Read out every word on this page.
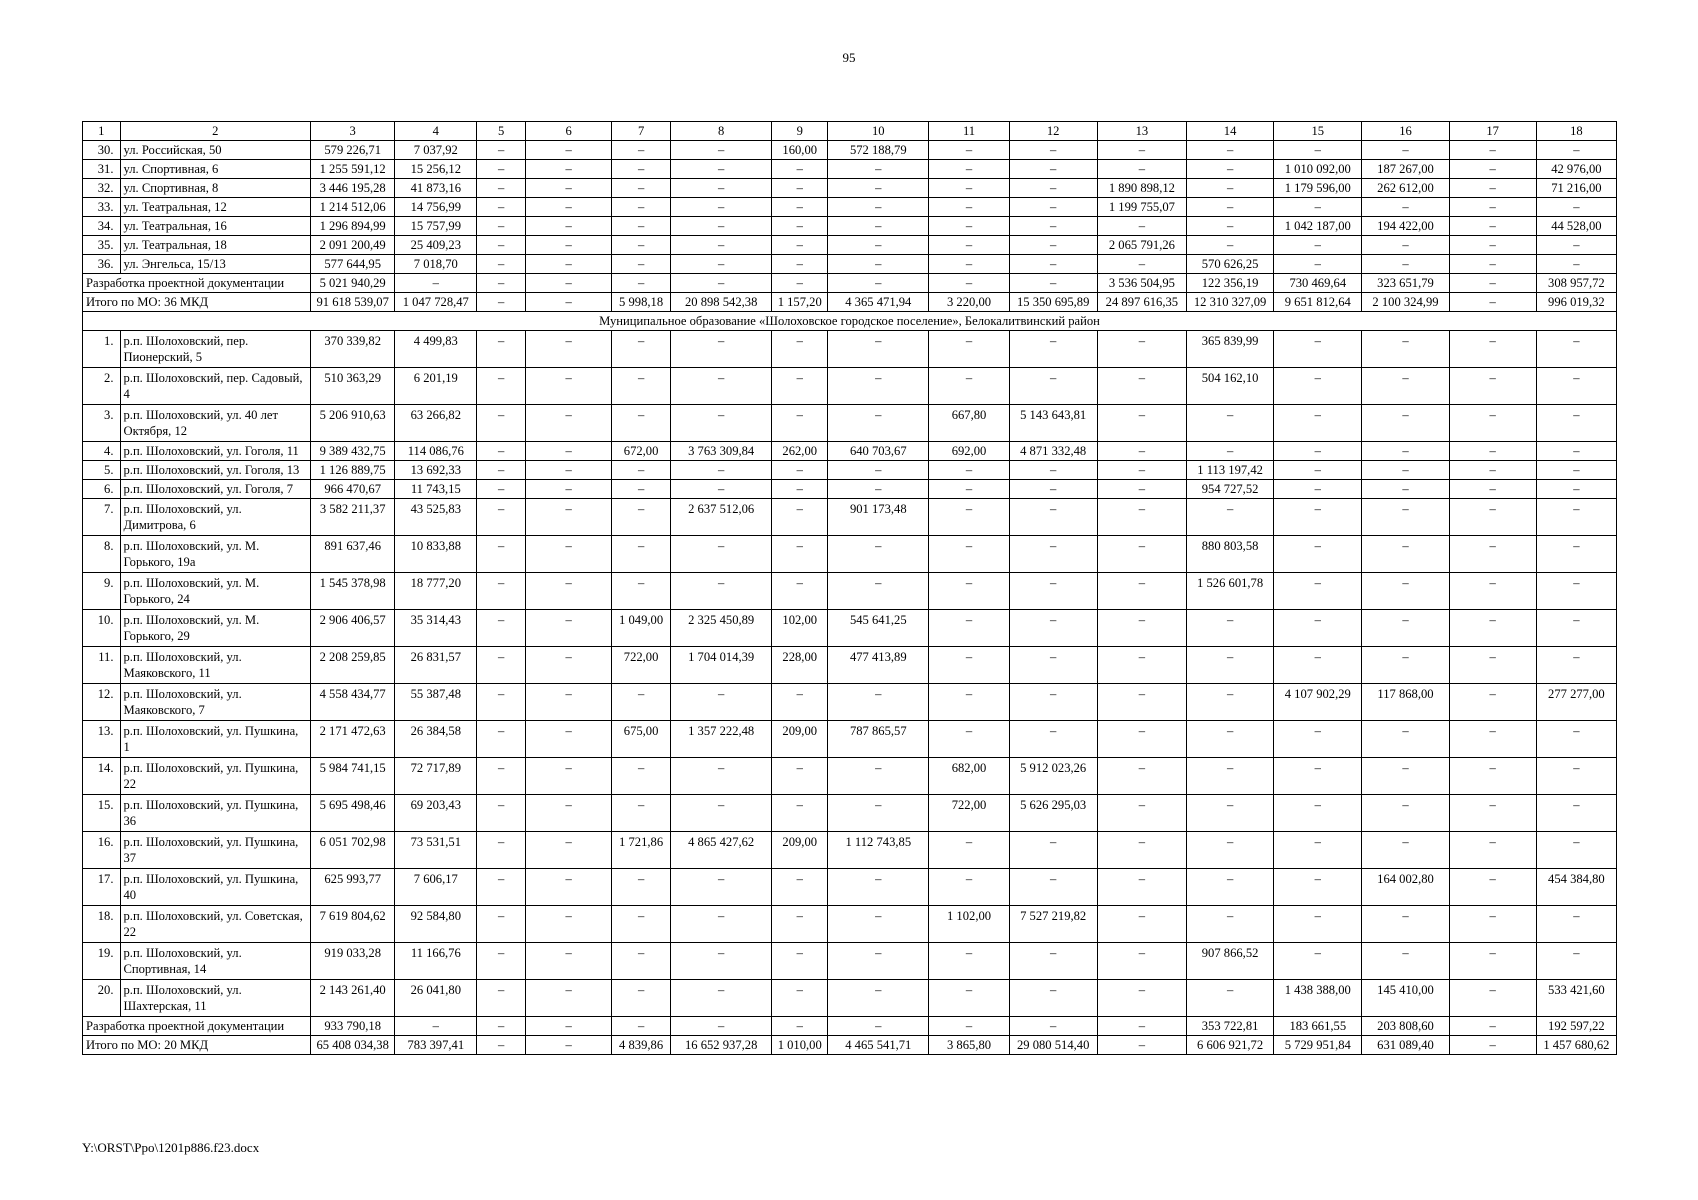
95
1	2	3	4	5	6	7	8	9	10	11	12	13	14	15	16	17	18
30.	ул. Российская, 50	579 226,71	7 037,92	–	–	–	–	160,00	572 188,79	–	–	–	–	–	–	–	–
31.	ул. Спортивная, 6	1 255 591,12	15 256,12	–	–	–	–	–	–	–	–	–	–	1 010 092,00	187 267,00	–	42 976,00
32.	ул. Спортивная, 8	3 446 195,28	41 873,16	–	–	–	–	–	–	–	–	1 890 898,12	–	1 179 596,00	262 612,00	–	71 216,00
33.	ул. Театральная, 12	1 214 512,06	14 756,99	–	–	–	–	–	–	–	–	1 199 755,07	–	–	–	–	–
34.	ул. Театральная, 16	1 296 894,99	15 757,99	–	–	–	–	–	–	–	–	–	–	1 042 187,00	194 422,00	–	44 528,00
35.	ул. Театральная, 18	2 091 200,49	25 409,23	–	–	–	–	–	–	–	–	2 065 791,26	–	–	–	–	–
36.	ул. Энгельса, 15/13	577 644,95	7 018,70	–	–	–	–	–	–	–	–	–	570 626,25	–	–	–	–
Разработка проектной документации		5 021 940,29	–	–	–	–	–	–	–	–	–	3 536 504,95	122 356,19	730 469,64	323 651,79	–	308 957,72
Итого по МО: 36 МКД		91 618 539,07	1 047 728,47	–	–	5 998,18	20 898 542,38	1 157,20	4 365 471,94	3 220,00	15 350 695,89	24 897 616,35	12 310 327,09	9 651 812,64	2 100 324,99	–	996 019,32
Муниципальное образование «Шолоховское городское поселение», Белокалитвинский район																	
1.	р.п. Шолоховский, пер. Пионерский, 5	370 339,82	4 499,83	–	–	–	–	–	–	–	–	–	365 839,99	–	–	–	–
2.	р.п. Шолоховский, пер. Садовый, 4	510 363,29	6 201,19	–	–	–	–	–	–	–	–	–	504 162,10	–	–	–	–
3.	р.п. Шолоховский, ул. 40 лет Октября, 12	5 206 910,63	63 266,82	–	–	–	–	–	–	667,80	5 143 643,81	–	–	–	–	–	–
4.	р.п. Шолоховский, ул. Гоголя, 11	9 389 432,75	114 086,76	–	–	672,00	3 763 309,84	262,00	640 703,67	692,00	4 871 332,48	–	–	–	–	–	–
5.	р.п. Шолоховский, ул. Гоголя, 13	1 126 889,75	13 692,33	–	–	–	–	–	–	–	–	–	1 113 197,42	–	–	–	–
6.	р.п. Шолоховский, ул. Гоголя, 7	966 470,67	11 743,15	–	–	–	–	–	–	–	–	–	954 727,52	–	–	–	–
7.	р.п. Шолоховский, ул. Димитрова, 6	3 582 211,37	43 525,83	–	–	–	2 637 512,06	–	901 173,48	–	–	–	–	–	–	–	–
8.	р.п. Шолоховский, ул. М. Горького, 19а	891 637,46	10 833,88	–	–	–	–	–	–	–	–	–	880 803,58	–	–	–	–
9.	р.п. Шолоховский, ул. М. Горького, 24	1 545 378,98	18 777,20	–	–	–	–	–	–	–	–	–	1 526 601,78	–	–	–	–
10.	р.п. Шолоховский, ул. М. Горького, 29	2 906 406,57	35 314,43	–	–	1 049,00	2 325 450,89	102,00	545 641,25	–	–	–	–	–	–	–	–
11.	р.п. Шолоховский, ул. Маяковского, 11	2 208 259,85	26 831,57	–	–	722,00	1 704 014,39	228,00	477 413,89	–	–	–	–	–	–	–	–
12.	р.п. Шолоховский, ул. Маяковского, 7	4 558 434,77	55 387,48	–	–	–	–	–	–	–	–	–	–	4 107 902,29	117 868,00	–	277 277,00
13.	р.п. Шолоховский, ул. Пушкина, 1	2 171 472,63	26 384,58	–	–	675,00	1 357 222,48	209,00	787 865,57	–	–	–	–	–	–	–	–
14.	р.п. Шолоховский, ул. Пушкина, 22	5 984 741,15	72 717,89	–	–	–	–	–	–	682,00	5 912 023,26	–	–	–	–	–	–
15.	р.п. Шолоховский, ул. Пушкина, 36	5 695 498,46	69 203,43	–	–	–	–	–	–	722,00	5 626 295,03	–	–	–	–	–	–
16.	р.п. Шолоховский, ул. Пушкина, 37	6 051 702,98	73 531,51	–	–	1 721,86	4 865 427,62	209,00	1 112 743,85	–	–	–	–	–	–	–	–
17.	р.п. Шолоховский, ул. Пушкина, 40	625 993,77	7 606,17	–	–	–	–	–	–	–	–	–	–	–	164 002,80	–	454 384,80
18.	р.п. Шолоховский, ул. Советская, 22	7 619 804,62	92 584,80	–	–	–	–	–	–	1 102,00	7 527 219,82	–	–	–	–	–	–
19.	р.п. Шолоховский, ул. Спортивная, 14	919 033,28	11 166,76	–	–	–	–	–	–	–	–	–	907 866,52	–	–	–	–
20.	р.п. Шолоховский, ул. Шахтерская, 11	2 143 261,40	26 041,80	–	–	–	–	–	–	–	–	–	–	1 438 388,00	145 410,00	–	533 421,60
Разработка проектной документации		933 790,18	–	–	–	–	–	–	–	–	–	–	353 722,81	183 661,55	203 808,60	–	192 597,22
Итого по МО: 20 МКД		65 408 034,38	783 397,41	–	–	4 839,86	16 652 937,28	1 010,00	4 465 541,71	3 865,80	29 080 514,40	–	6 606 921,72	5 729 951,84	631 089,40	–	1 457 680,62
Y:\ORST\Ppo\1201p886.f23.docx
